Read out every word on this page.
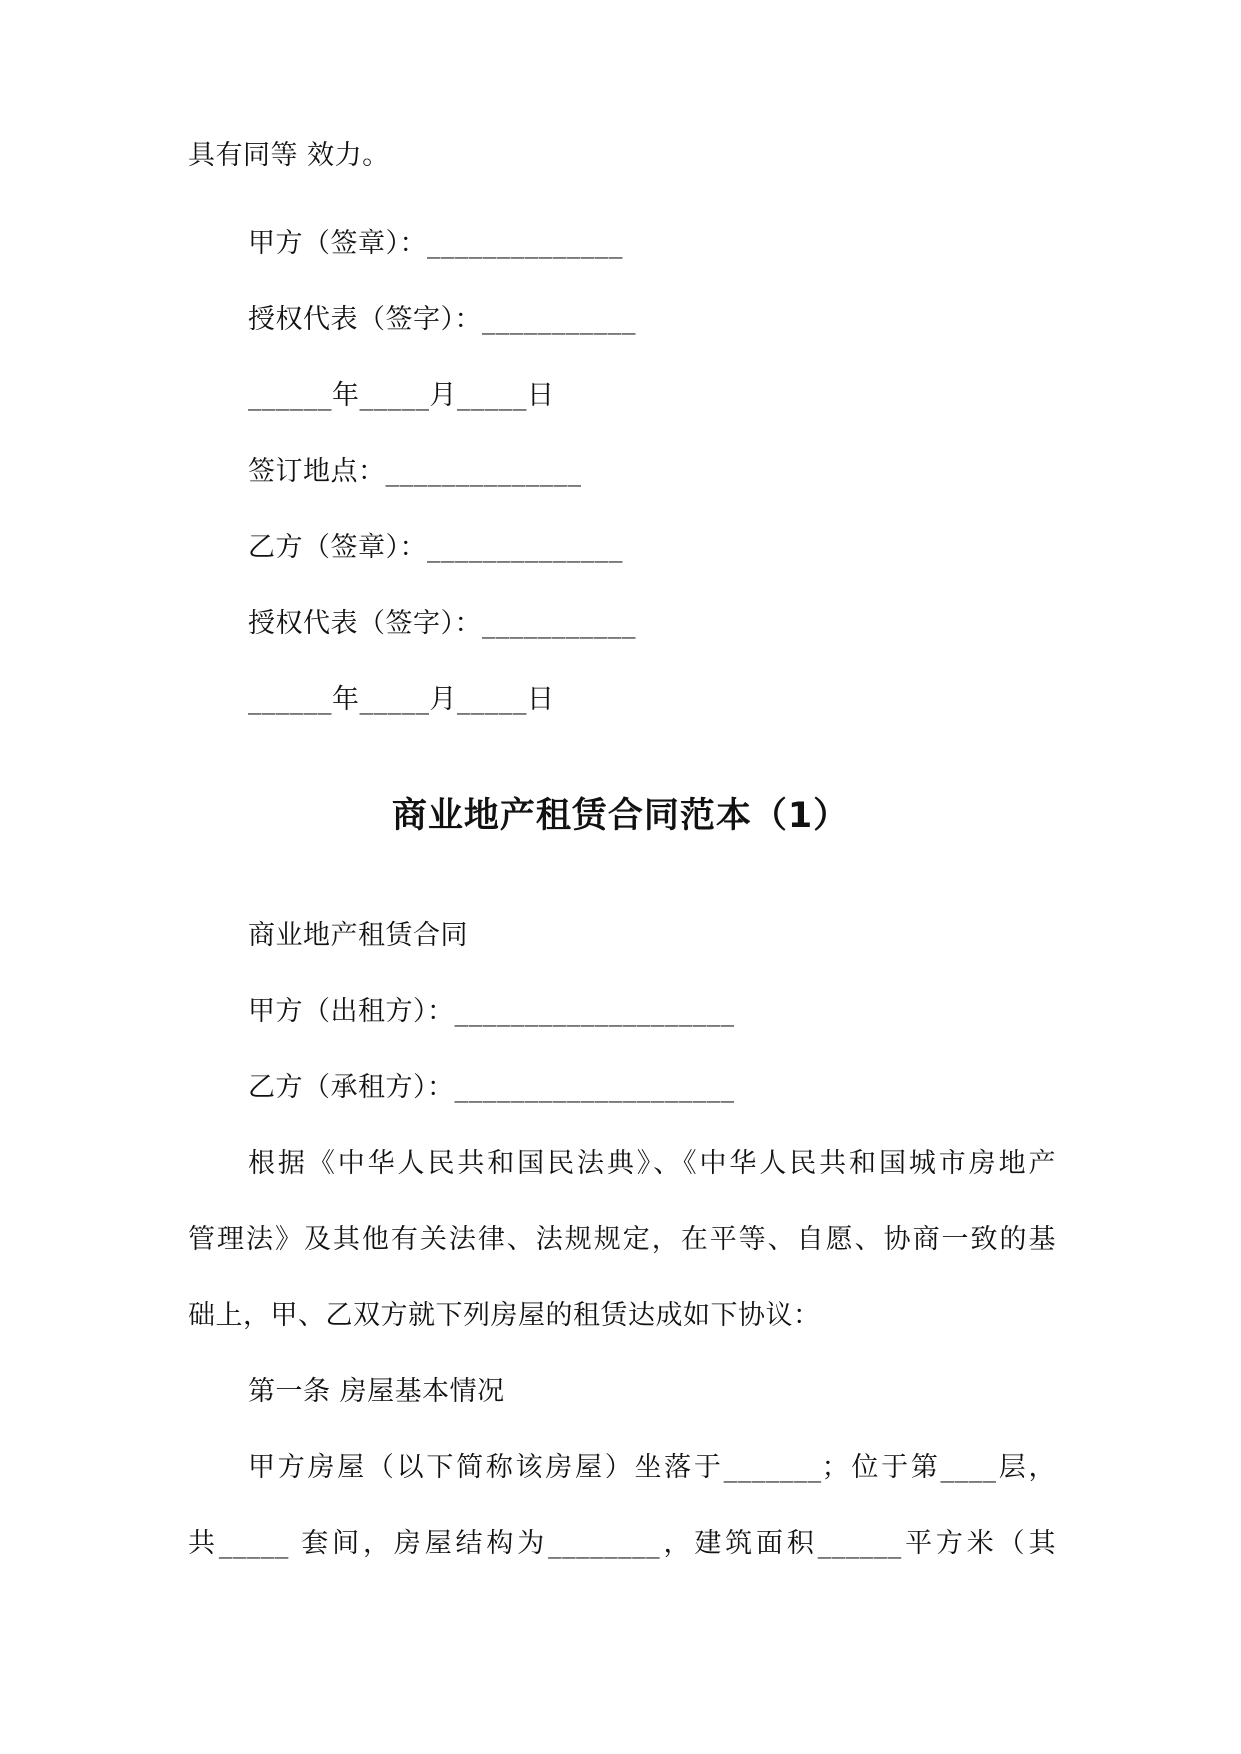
具有同等 效力。

甲方（签章）：______________

授权代表（签字）：___________

______年_____月_____日

签订地点：______________

乙方（签章）：______________

授权代表（签字）：___________

______年_____月_____日

商业地产租赁合同范本（1）

商业地产租赁合同

甲方（出租方）：____________________

乙方（承租方）：____________________

根据《中华人民共和国民法典》、《中华人民共和国城市房地产

管理法》及其他有关法律、法规规定，在平等、自愿、协商一致的基

础上，甲、乙双方就下列房屋的租赁达成如下协议：

第一条 房屋基本情况

甲方房屋（以下简称该房屋）坐落于_______；位于第____层，

共_____ 套间，房屋结构为________，建筑面积______平方米（其
